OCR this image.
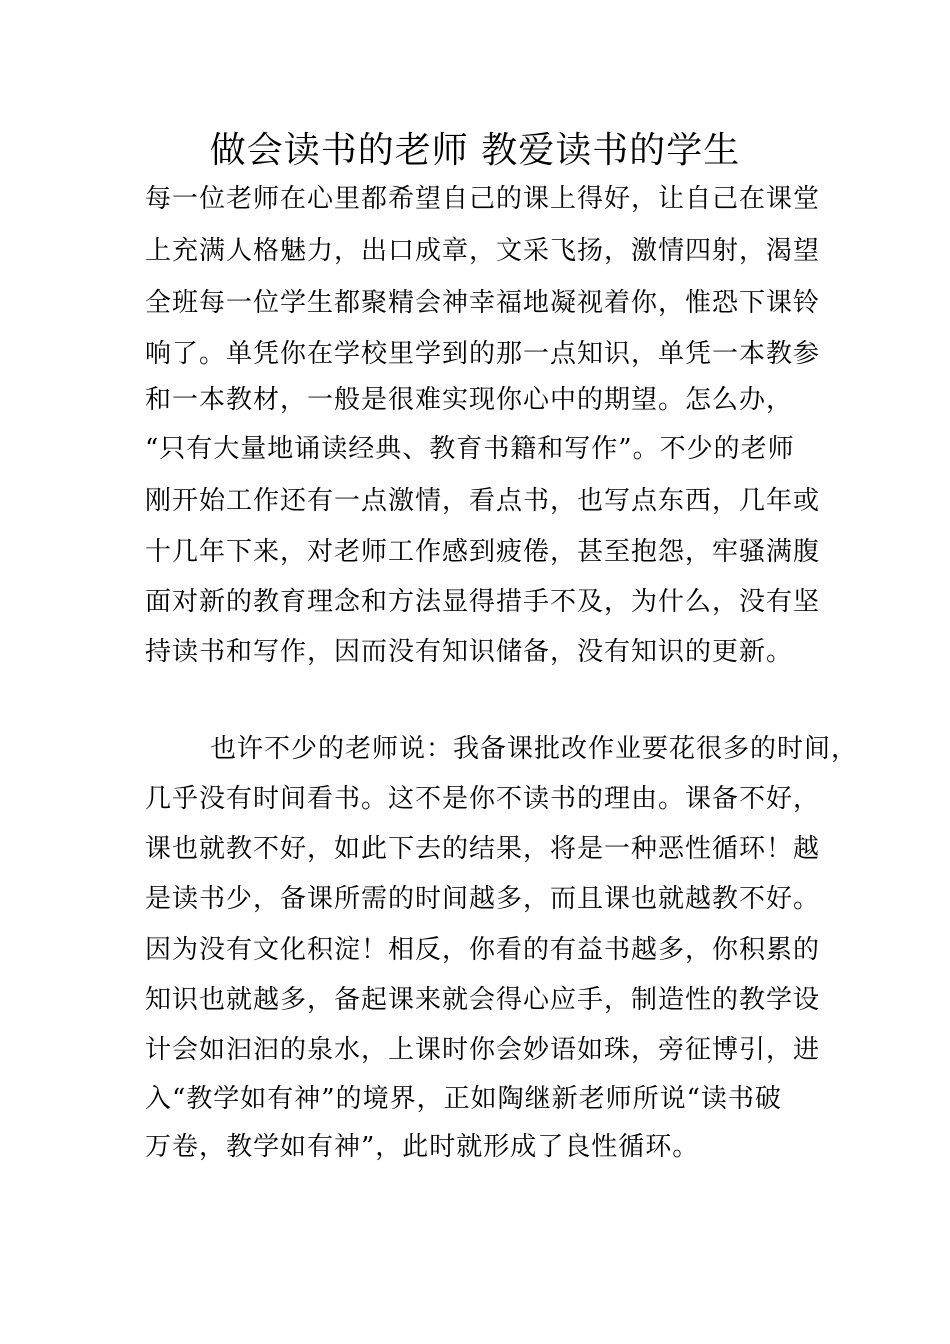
做会读书的老师 教爱读书的学生
每一位老师在心里都希望自己的课上得好，让自己在课堂
上充满人格魅力，出口成章，文采飞扬，激情四射，渴望
全班每一位学生都聚精会神幸福地凝视着你，惟恐下课铃
响了。单凭你在学校里学到的那一点知识，单凭一本教参
和一本教材，一般是很难实现你心中的期望。怎么办，
“只有大量地诵读经典、教育书籍和写作”。不少的老师
刚开始工作还有一点激情，看点书，也写点东西，几年或
十几年下来，对老师工作感到疲倦，甚至抱怨，牢骚满腹
面对新的教育理念和方法显得措手不及，为什么，没有坚
持读书和写作，因而没有知识储备，没有知识的更新。
也许不少的老师说：我备课批改作业要花很多的时间，
几乎没有时间看书。这不是你不读书的理由。课备不好，
课也就教不好，如此下去的结果，将是一种恶性循环！越
是读书少，备课所需的时间越多，而且课也就越教不好。
因为没有文化积淀！相反，你看的有益书越多，你积累的
知识也就越多，备起课来就会得心应手，制造性的教学设
计会如汩汩的泉水，上课时你会妙语如珠，旁征博引，进
入“教学如有神”的境界，正如陶继新老师所说“读书破
万卷，教学如有神”，此时就形成了良性循环。
